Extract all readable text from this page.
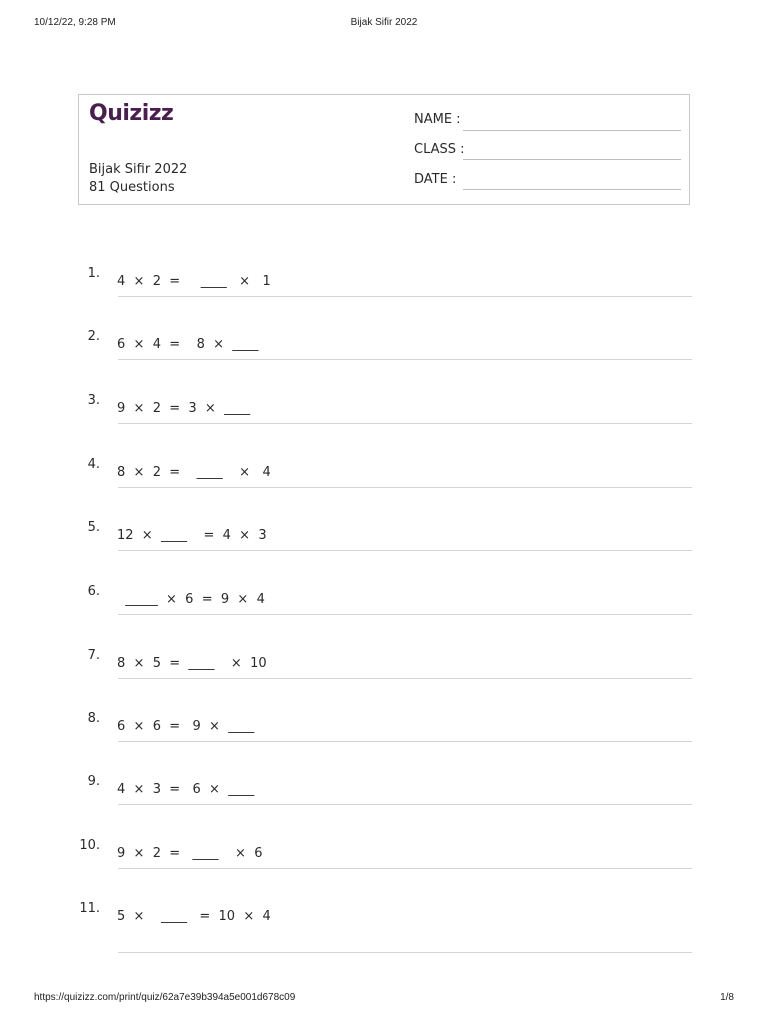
10/12/22, 9:28 PM	Bijak Sifir 2022
Quizizz
Bijak Sifir 2022
81 Questions
NAME :
CLASS :
DATE :
1.
4  ×  2  =     ____   ×   1
2.
6  ×  4  =    8  ×  ____
3.
9  ×  2  =  3  ×  ____
4.
8  ×  2  =    ____    ×   4
5.
12  ×  ____    =  4  ×  3
6.
_____  ×  6  =  9  ×  4
7.
8  ×  5  =  ____    ×  10
8.
6  ×  6  =   9  ×  ____
9.
4  ×  3  =   6  ×  ____
10.
9  ×  2  =   ____    ×  6
11.
5  ×    ____   =  10  ×  4
https://quizizz.com/print/quiz/62a7e39b394a5e001d678c09	1/8
